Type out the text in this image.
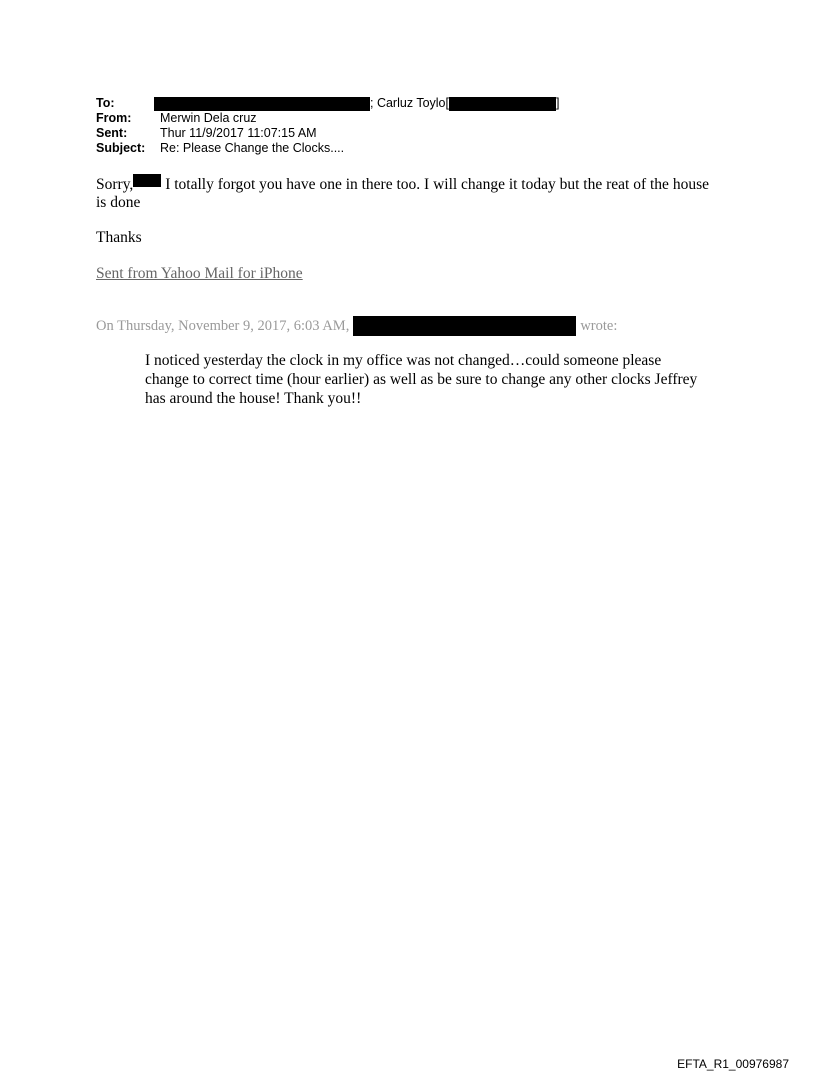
To:	; Carluz Toylo[	]
From:	Merwin Dela cruz
Sent:	Thur 11/9/2017 11:07:15 AM
Subject:	Re: Please Change the Clocks....
Sorry, I totally forgot you have one in there too. I will change it today but the reat of the house is done
Thanks
Sent from Yahoo Mail for iPhone
On Thursday, November 9, 2017, 6:03 AM,	wrote:
I noticed yesterday the clock in my office was not changed…could someone please change to correct time (hour earlier) as well as be sure to change any other clocks Jeffrey has around the house! Thank you!!
EFTA_R1_00976987
